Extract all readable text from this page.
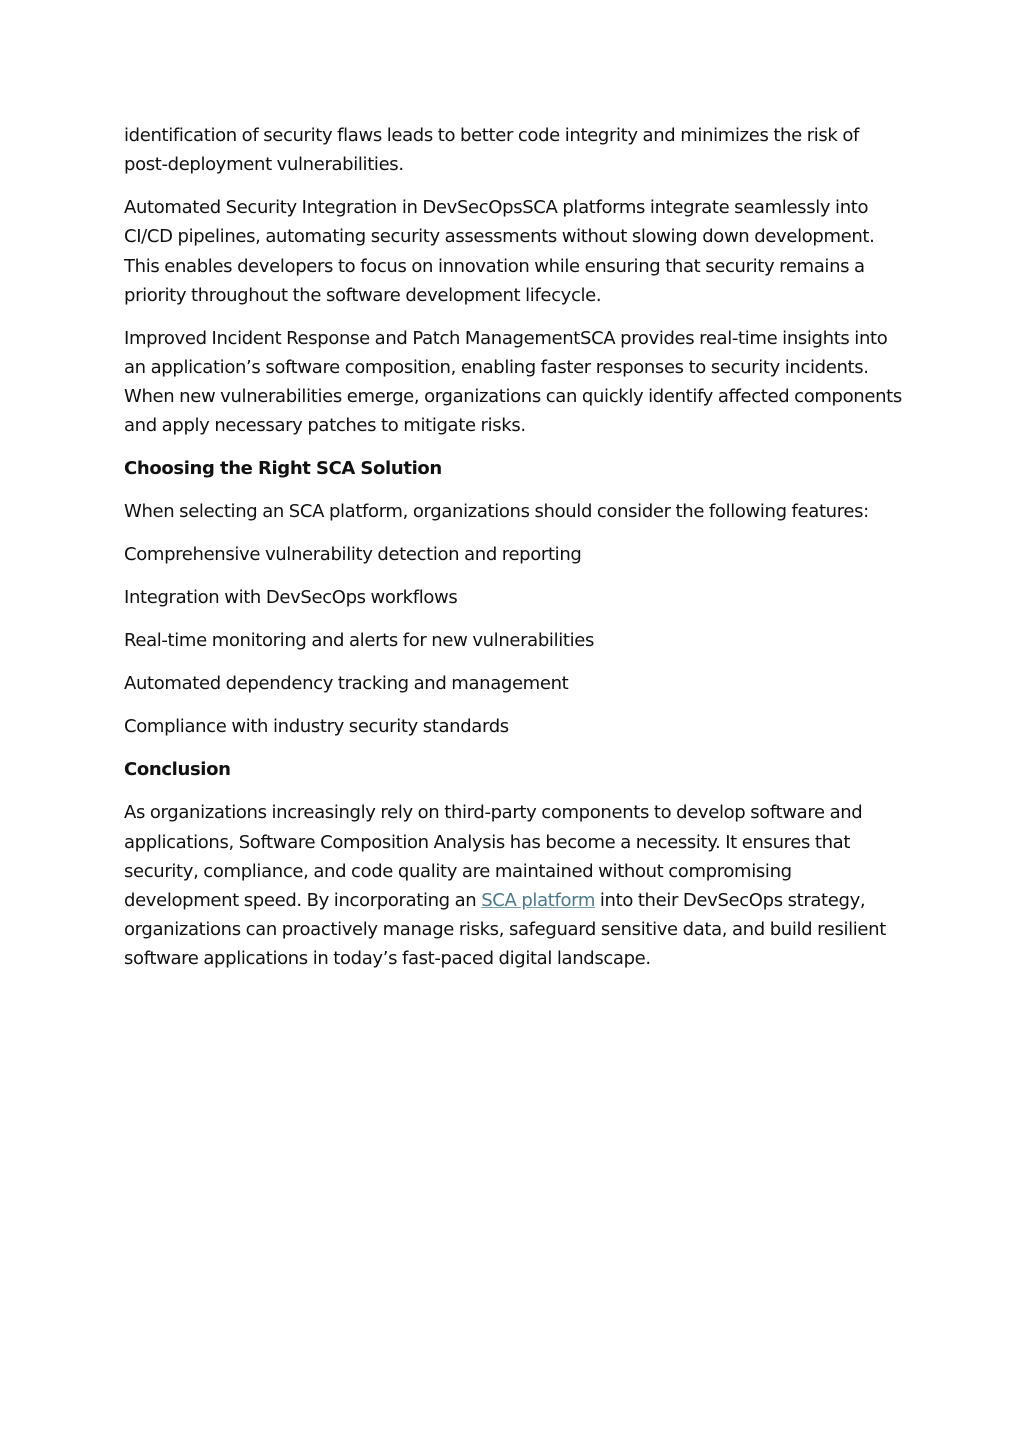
identification of security flaws leads to better code integrity and minimizes the risk of post-deployment vulnerabilities.

Automated Security Integration in DevSecOpsSCA platforms integrate seamlessly into CI/CD pipelines, automating security assessments without slowing down development. This enables developers to focus on innovation while ensuring that security remains a priority throughout the software development lifecycle.

Improved Incident Response and Patch ManagementSCA provides real-time insights into an application’s software composition, enabling faster responses to security incidents. When new vulnerabilities emerge, organizations can quickly identify affected components and apply necessary patches to mitigate risks.

Choosing the Right SCA Solution

When selecting an SCA platform, organizations should consider the following features:

Comprehensive vulnerability detection and reporting

Integration with DevSecOps workflows

Real-time monitoring and alerts for new vulnerabilities

Automated dependency tracking and management

Compliance with industry security standards

Conclusion

As organizations increasingly rely on third-party components to develop software and applications, Software Composition Analysis has become a necessity. It ensures that security, compliance, and code quality are maintained without compromising development speed. By incorporating an SCA platform into their DevSecOps strategy, organizations can proactively manage risks, safeguard sensitive data, and build resilient software applications in today’s fast-paced digital landscape.
